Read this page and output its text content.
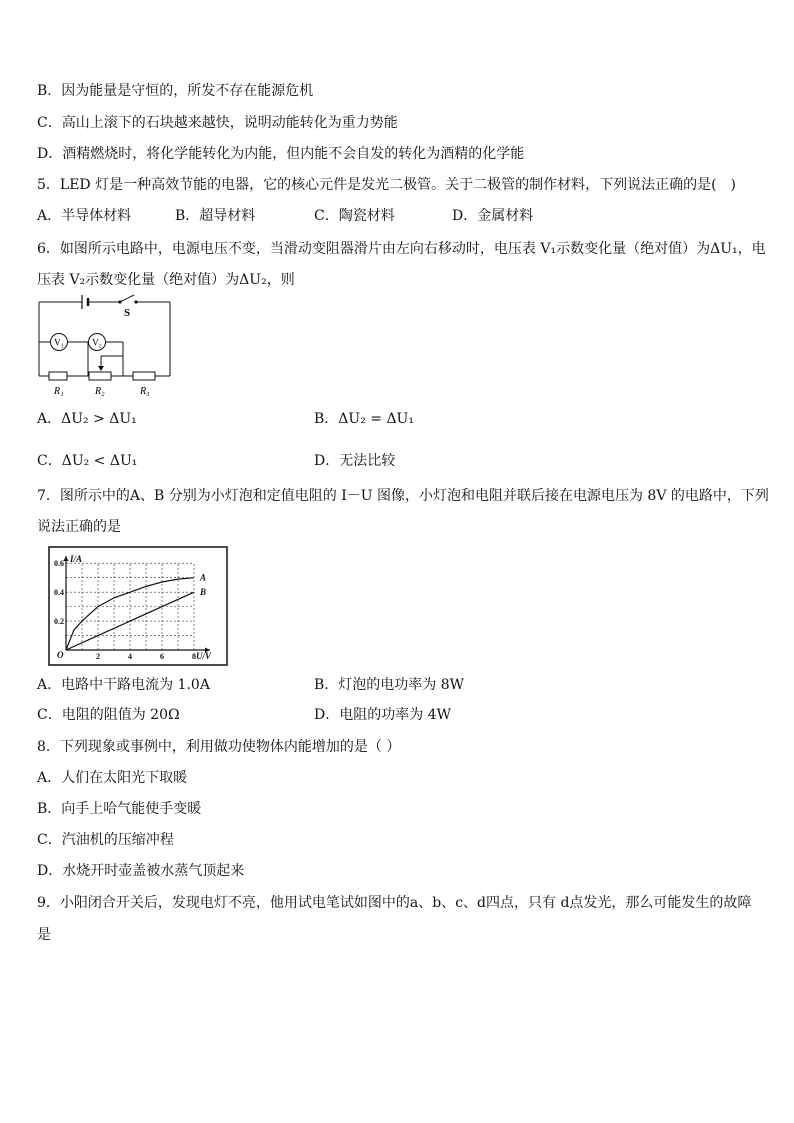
B．因为能量是守恒的，所发不存在能源危机
C．高山上滚下的石块越来越快，说明动能转化为重力势能
D．酒精燃烧时，将化学能转化为内能，但内能不会自发的转化为酒精的化学能
5．LED 灯是一种高效节能的电器，它的核心元件是发光二极管。关于二极管的制作材料，下列说法正确的是(　)
A．半导体材料	B．超导材料	C．陶瓷材料	D．金属材料
6．如图所示电路中，电源电压不变，当滑动变阻器滑片由左向右移动时，电压表 V₁示数变化量（绝对值）为ΔU₁，电
压表 V₂示数变化量（绝对值）为ΔU₂，则
S
V₁	V₂
R₁	R₂	R₃
A．ΔU₂ > ΔU₁	B．ΔU₂ = ΔU₁
C．ΔU₂ < ΔU₁	D．无法比较
7．图所示中的A、B 分别为小灯泡和定值电阻的 I－U 图像，小灯泡和电阻并联后接在电源电压为 8V 的电路中，下列
说法正确的是
I/A
U/V
O	2	4	6	8
0.2
0.4
0.6
A
B
A．电路中干路电流为 1.0A	B．灯泡的电功率为 8W
C．电阻的阻值为 20Ω	D．电阻的功率为 4W
8．下列现象或事例中，利用做功使物体内能增加的是（ ）
A．人们在太阳光下取暖
B．向手上哈气能使手变暖
C．汽油机的压缩冲程
D．水烧开时壶盖被水蒸气顶起来
9．小阳闭合开关后，发现电灯不亮，他用试电笔试如图中的a、b、c、d四点，只有 d点发光，那么可能发生的故障
是
